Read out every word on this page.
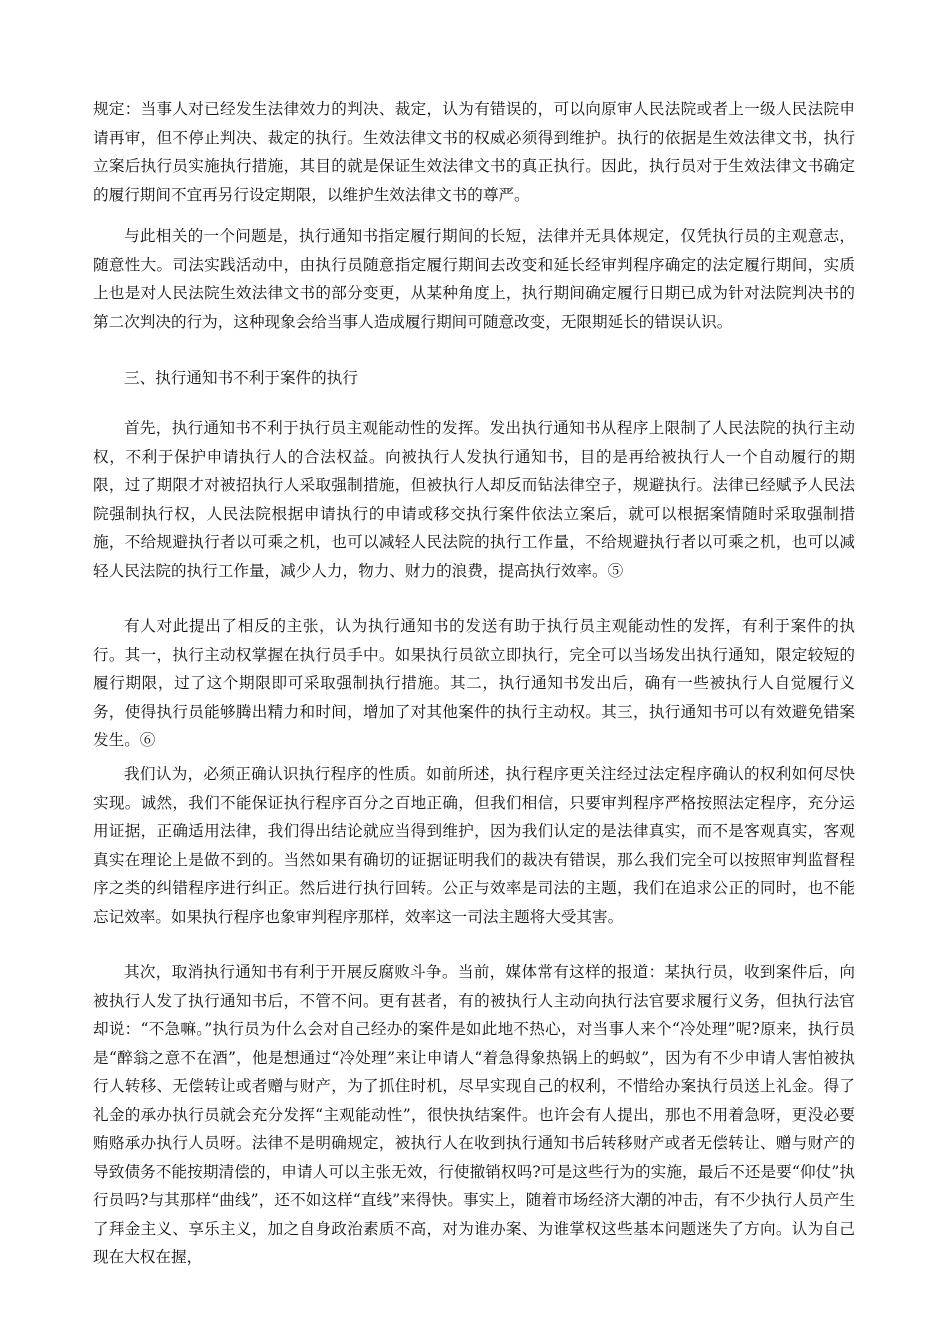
规定：当事人对已经发生法律效力的判决、裁定，认为有错误的，可以向原审人民法院或者上一级人民法院申请再审，但不停止判决、裁定的执行。生效法律文书的权威必须得到维护。执行的依据是生效法律文书，执行立案后执行员实施执行措施，其目的就是保证生效法律文书的真正执行。因此，执行员对于生效法律文书确定的履行期间不宜再另行设定期限，以维护生效法律文书的尊严。

与此相关的一个问题是，执行通知书指定履行期间的长短，法律并无具体规定，仅凭执行员的主观意志，随意性大。司法实践活动中，由执行员随意指定履行期间去改变和延长经审判程序确定的法定履行期间，实质上也是对人民法院生效法律文书的部分变更，从某种角度上，执行期间确定履行日期已成为针对法院判决书的第二次判决的行为，这种现象会给当事人造成履行期间可随意改变，无限期延长的错误认识。

三、执行通知书不利于案件的执行

首先，执行通知书不利于执行员主观能动性的发挥。发出执行通知书从程序上限制了人民法院的执行主动权，不利于保护申请执行人的合法权益。向被执行人发执行通知书，目的是再给被执行人一个自动履行的期限，过了期限才对被招执行人采取强制措施，但被执行人却反而钻法律空子，规避执行。法律已经赋予人民法院强制执行权，人民法院根据申请执行的申请或移交执行案件依法立案后，就可以根据案情随时采取强制措施，不给规避执行者以可乘之机，也可以减轻人民法院的执行工作量，不给规避执行者以可乘之机，也可以减轻人民法院的执行工作量，减少人力，物力、财力的浪费，提高执行效率。⑤

有人对此提出了相反的主张，认为执行通知书的发送有助于执行员主观能动性的发挥，有利于案件的执行。其一，执行主动权掌握在执行员手中。如果执行员欲立即执行，完全可以当场发出执行通知，限定较短的履行期限，过了这个期限即可采取强制执行措施。其二，执行通知书发出后，确有一些被执行人自觉履行义务，使得执行员能够腾出精力和时间，增加了对其他案件的执行主动权。其三，执行通知书可以有效避免错案发生。⑥

我们认为，必须正确认识执行程序的性质。如前所述，执行程序更关注经过法定程序确认的权利如何尽快实现。诚然，我们不能保证执行程序百分之百地正确，但我们相信，只要审判程序严格按照法定程序，充分运用证据，正确适用法律，我们得出结论就应当得到维护，因为我们认定的是法律真实，而不是客观真实，客观真实在理论上是做不到的。当然如果有确切的证据证明我们的裁决有错误，那么我们完全可以按照审判监督程序之类的纠错程序进行纠正。然后进行执行回转。公正与效率是司法的主题，我们在追求公正的同时，也不能忘记效率。如果执行程序也象审判程序那样，效率这一司法主题将大受其害。

其次，取消执行通知书有利于开展反腐败斗争。当前，媒体常有这样的报道：某执行员，收到案件后，向被执行人发了执行通知书后，不管不问。更有甚者，有的被执行人主动向执行法官要求履行义务，但执行法官却说：“不急嘛。”执行员为什么会对自己经办的案件是如此地不热心，对当事人来个“冷处理”呢?原来，执行员是“醉翁之意不在酒”，他是想通过“冷处理”来让申请人“着急得象热锅上的蚂蚁”，因为有不少申请人害怕被执行人转移、无偿转让或者赠与财产，为了抓住时机，尽早实现自己的权利，不惜给办案执行员送上礼金。得了礼金的承办执行员就会充分发挥“主观能动性”，很快执结案件。也许会有人提出，那也不用着急呀，更没必要贿赂承办执行人员呀。法律不是明确规定，被执行人在收到执行通知书后转移财产或者无偿转让、赠与财产的导致债务不能按期清偿的，申请人可以主张无效，行使撤销权吗?可是这些行为的实施，最后不还是要“仰仗”执行员吗?与其那样“曲线”，还不如这样“直线”来得快。事实上，随着市场经济大潮的冲击，有不少执行人员产生了拜金主义、享乐主义，加之自身政治素质不高，对为谁办案、为谁掌权这些基本问题迷失了方向。认为自己现在大权在握，
